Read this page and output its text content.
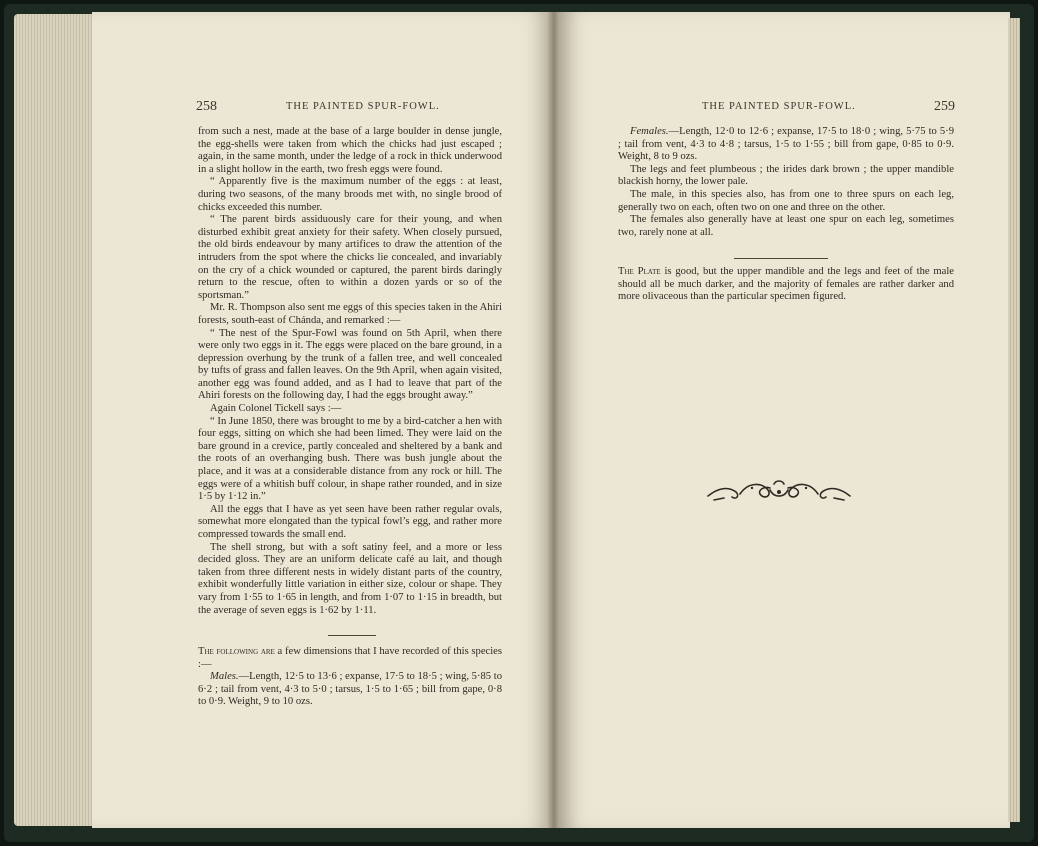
258	THE PAINTED SPUR-FOWL.

from such a nest, made at the base of a large boulder in dense jungle, the egg-shells were taken from which the chicks had just escaped ; again, in the same month, under the ledge of a rock in thick underwood in a slight hollow in the earth, two fresh eggs were found.

“ Apparently five is the maximum number of the eggs : at least, during two seasons, of the many broods met with, no single brood of chicks exceeded this number.

“ The parent birds assiduously care for their young, and when disturbed exhibit great anxiety for their safety. When closely pursued, the old birds endeavour by many artifices to draw the attention of the intruders from the spot where the chicks lie concealed, and invariably on the cry of a chick wounded or captured, the parent birds daringly return to the rescue, often to within a dozen yards or so of the sportsman.”

Mr. R. Thompson also sent me eggs of this species taken in the Ahiri forests, south-east of Chánda, and remarked :—

“ The nest of the Spur-Fowl was found on 5th April, when there were only two eggs in it. The eggs were placed on the bare ground, in a depression overhung by the trunk of a fallen tree, and well concealed by tufts of grass and fallen leaves. On the 9th April, when again visited, another egg was found added, and as I had to leave that part of the Ahiri forests on the following day, I had the eggs brought away.”

Again Colonel Tickell says :—

“ In June 1850, there was brought to me by a bird-catcher a hen with four eggs, sitting on which she had been limed. They were laid on the bare ground in a crevice, partly concealed and sheltered by a bank and the roots of an overhanging bush. There was bush jungle about the place, and it was at a considerable distance from any rock or hill. The eggs were of a whitish buff colour, in shape rather rounded, and in size 1·5 by 1·12 in.”

All the eggs that I have as yet seen have been rather regular ovals, somewhat more elongated than the typical fowl’s egg, and rather more compressed towards the small end.

The shell strong, but with a soft satiny feel, and a more or less decided gloss. They are an uniform delicate café au lait, and though taken from three different nests in widely distant parts of the country, exhibit wonderfully little variation in either size, colour or shape. They vary from 1·55 to 1·65 in length, and from 1·07 to 1·15 in breadth, but the average of seven eggs is 1·62 by 1·11.

The following are a few dimensions that I have recorded of this species :—

Males.—Length, 12·5 to 13·6 ; expanse, 17·5 to 18·5 ; wing, 5·85 to 6·2 ; tail from vent, 4·3 to 5·0 ; tarsus, 1·5 to 1·65 ; bill from gape, 0·8 to 0·9. Weight, 9 to 10 ozs.

THE PAINTED SPUR-FOWL.	259

Females.—Length, 12·0 to 12·6 ; expanse, 17·5 to 18·0 ; wing, 5·75 to 5·9 ; tail from vent, 4·3 to 4·8 ; tarsus, 1·5 to 1·55 ; bill from gape, 0·85 to 0·9. Weight, 8 to 9 ozs.

The legs and feet plumbeous ; the irides dark brown ; the upper mandible blackish horny, the lower pale.

The male, in this species also, has from one to three spurs on each leg, generally two on each, often two on one and three on the other.

The females also generally have at least one spur on each leg, sometimes two, rarely none at all.

The Plate is good, but the upper mandible and the legs and feet of the male should all be much darker, and the majority of females are rather darker and more olivaceous than the particular specimen figured.
